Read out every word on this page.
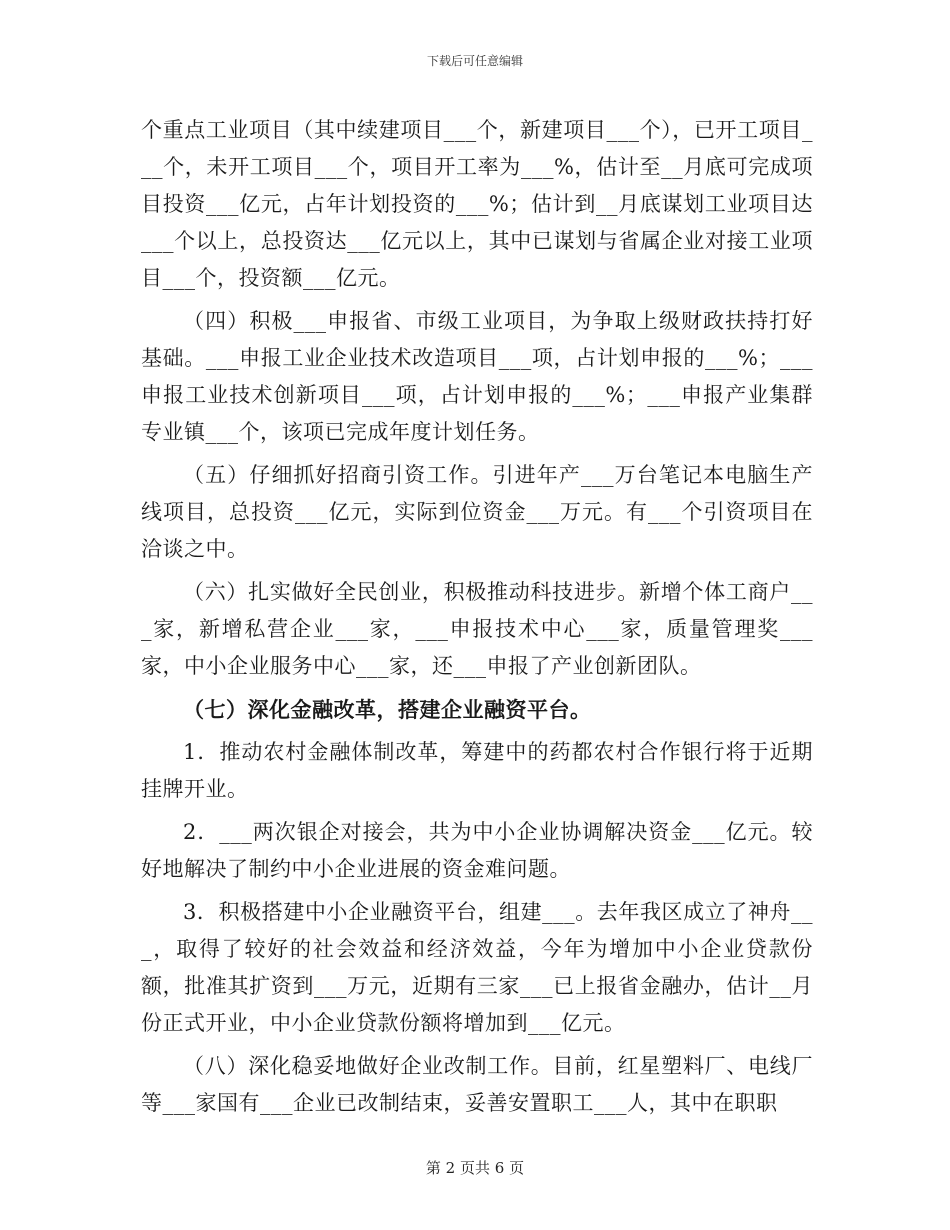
下载后可任意编辑

个重点工业项目（其中续建项目___个，新建项目___个），已开工项目___个，未开工项目___个，项目开工率为___%，估计至__月底可完成项目投资___亿元，占年计划投资的___%；估计到__月底谋划工业项目达___个以上，总投资达___亿元以上，其中已谋划与省属企业对接工业项目___个，投资额___亿元。

（四）积极___申报省、市级工业项目，为争取上级财政扶持打好基础。___申报工业企业技术改造项目___项，占计划申报的___%；___申报工业技术创新项目___项，占计划申报的___%；___申报产业集群专业镇___个，该项已完成年度计划任务。

（五）仔细抓好招商引资工作。引进年产___万台笔记本电脑生产线项目，总投资___亿元，实际到位资金___万元。有___个引资项目在洽谈之中。

（六）扎实做好全民创业，积极推动科技进步。新增个体工商户___家，新增私营企业___家，___申报技术中心___家，质量管理奖___家，中小企业服务中心___家，还___申报了产业创新团队。

（七）深化金融改革，搭建企业融资平台。

1．推动农村金融体制改革，筹建中的药都农村合作银行将于近期挂牌开业。

2．___两次银企对接会，共为中小企业协调解决资金___亿元。较好地解决了制约中小企业进展的资金难问题。

3．积极搭建中小企业融资平台，组建___。去年我区成立了神舟___，取得了较好的社会效益和经济效益，今年为增加中小企业贷款份额，批准其扩资到___万元，近期有三家___已上报省金融办，估计__月份正式开业，中小企业贷款份额将增加到___亿元。

（八）深化稳妥地做好企业改制工作。目前，红星塑料厂、电线厂等___家国有___企业已改制结束，妥善安置职工___人，其中在职职

第 2 页共 6 页
